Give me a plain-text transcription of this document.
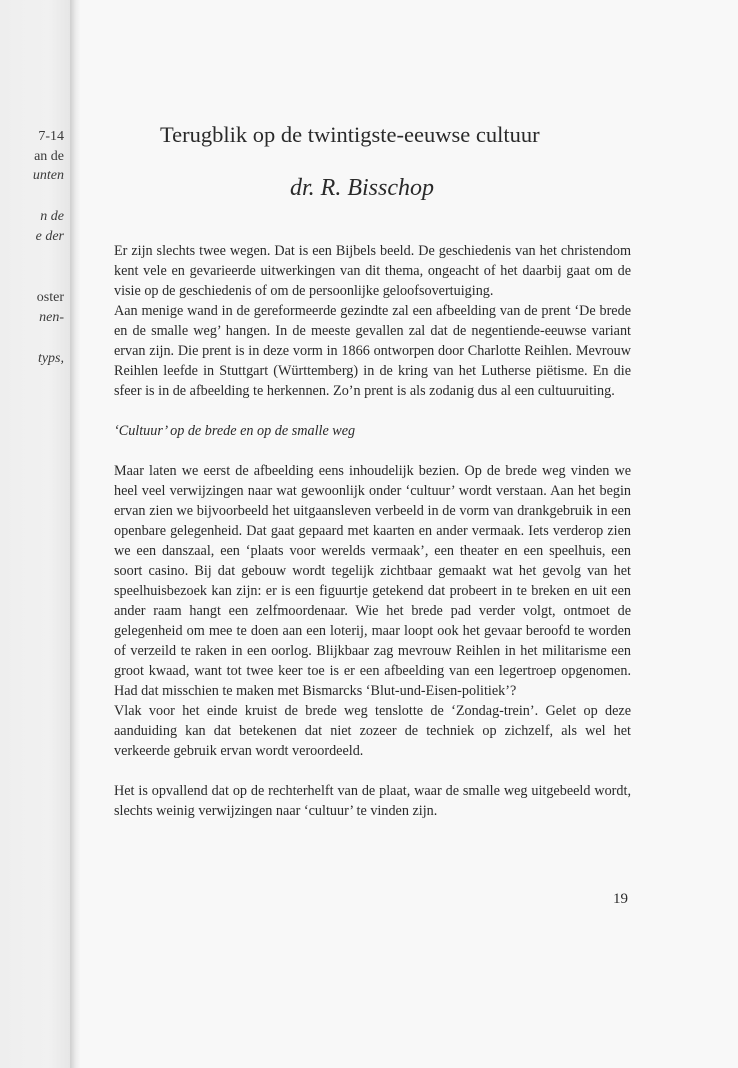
7-14
an de
unten
n de
e der
oster
nen-
typs,
Terugblik op de twintigste-eeuwse cultuur
dr. R. Bisschop

Er zijn slechts twee wegen. Dat is een Bijbels beeld. De geschiedenis van het christendom kent vele en gevarieerde uitwerkingen van dit thema, ongeacht of het daarbij gaat om de visie op de geschiedenis of om de persoonlijke geloofsovertuiging.

Aan menige wand in de gereformeerde gezindte zal een afbeelding van de prent ‘De brede en de smalle weg’ hangen. In de meeste gevallen zal dat de negentiende-eeuwse variant ervan zijn. Die prent is in deze vorm in 1866 ontworpen door Charlotte Reihlen. Mevrouw Reihlen leefde in Stuttgart (Württemberg) in de kring van het Lutherse piëtisme. En die sfeer is in de afbeelding te herkennen. Zo’n prent is als zodanig dus al een cultuuruiting.

‘Cultuur’ op de brede en op de smalle weg

Maar laten we eerst de afbeelding eens inhoudelijk bezien. Op de brede weg vinden we heel veel verwijzingen naar wat gewoonlijk onder ‘cultuur’ wordt verstaan. Aan het begin ervan zien we bijvoorbeeld het uitgaansleven verbeeld in de vorm van drankgebruik in een openbare gelegenheid. Dat gaat gepaard met kaarten en ander vermaak. Iets verderop zien we een danszaal, een ‘plaats voor werelds vermaak’, een theater en een speelhuis, een soort casino. Bij dat gebouw wordt tegelijk zichtbaar gemaakt wat het gevolg van het speelhuisbezoek kan zijn: er is een figuurtje getekend dat probeert in te breken en uit een ander raam hangt een zelfmoordenaar. Wie het brede pad verder volgt, ontmoet de gelegenheid om mee te doen aan een loterij, maar loopt ook het gevaar beroofd te worden of verzeild te raken in een oorlog. Blijkbaar zag mevrouw Reihlen in het militarisme een groot kwaad, want tot twee keer toe is er een afbeelding van een legertroep opgenomen. Had dat misschien te maken met Bismarcks ‘Blut-und-Eisen-politiek’?

Vlak voor het einde kruist de brede weg tenslotte de ‘Zondag-trein’. Gelet op deze aanduiding kan dat betekenen dat niet zozeer de techniek op zichzelf, als wel het verkeerde gebruik ervan wordt veroordeeld.

Het is opvallend dat op de rechterhelft van de plaat, waar de smalle weg uitgebeeld wordt, slechts weinig verwijzingen naar ‘cultuur’ te vinden zijn.

19
